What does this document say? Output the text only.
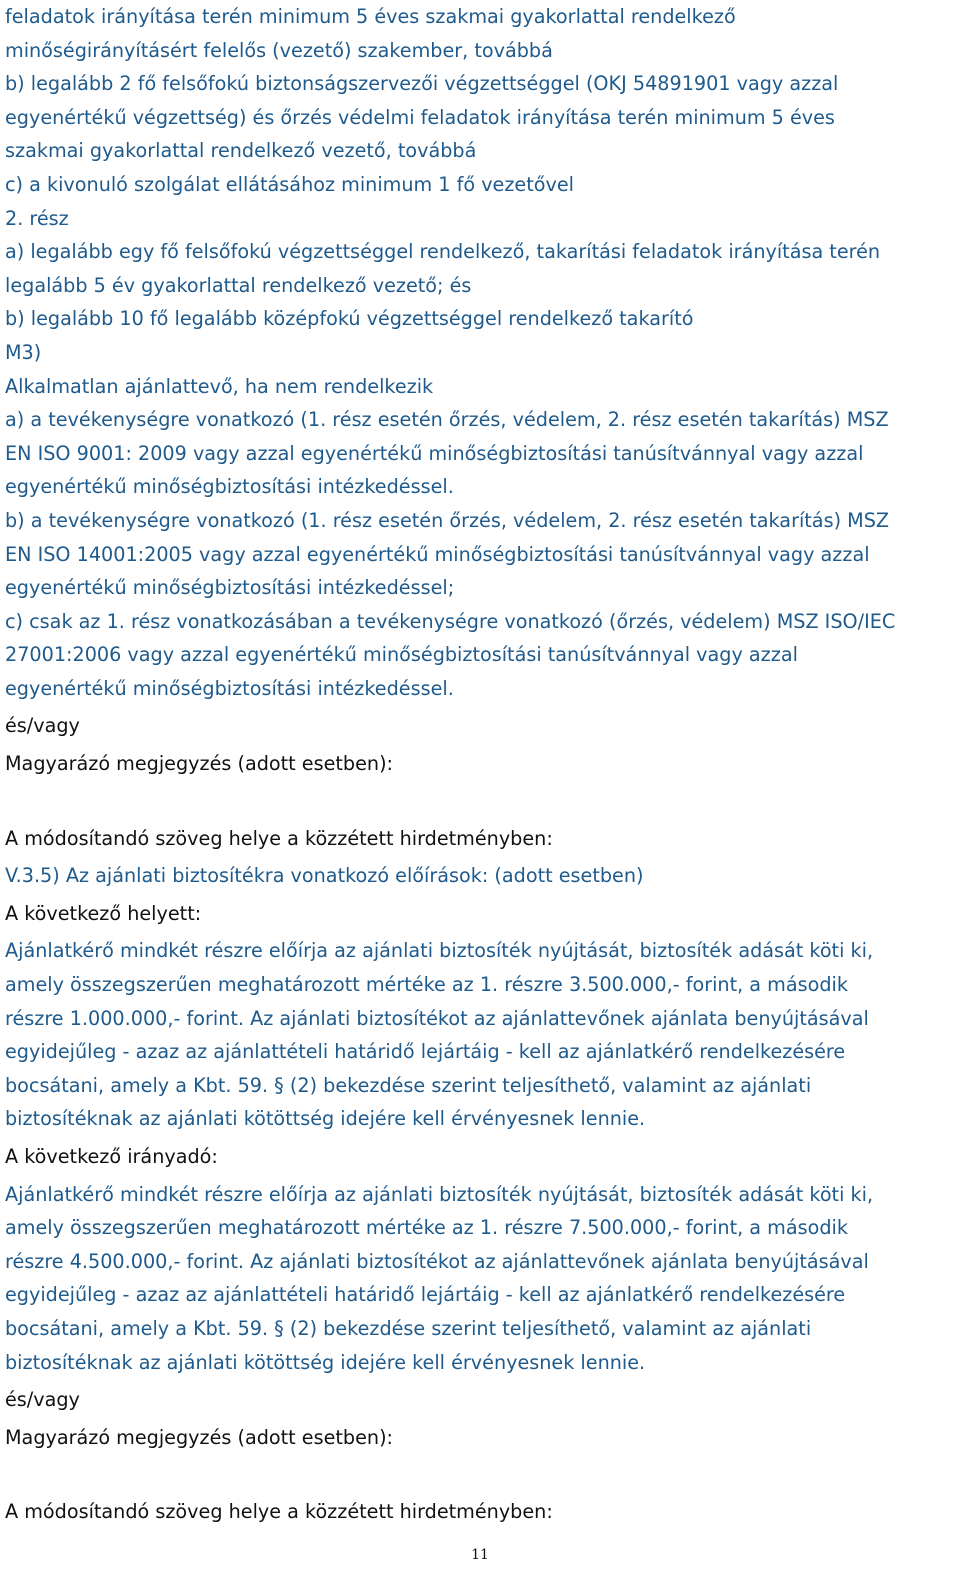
feladatok irányítása terén minimum 5 éves szakmai gyakorlattal rendelkező

minőségirányításért felelős (vezető) szakember, továbbá

b) legalább 2 fő felsőfokú biztonságszervezői végzettséggel (OKJ 54891901 vagy azzal

egyenértékű végzettség) és őrzés védelmi feladatok irányítása terén minimum 5 éves

szakmai gyakorlattal rendelkező vezető, továbbá

c) a kivonuló szolgálat ellátásához minimum 1 fő vezetővel

2. rész

a) legalább egy fő felsőfokú végzettséggel rendelkező, takarítási feladatok irányítása terén

legalább 5 év gyakorlattal rendelkező vezető; és

b) legalább 10 fő legalább középfokú végzettséggel rendelkező takarító

M3)

Alkalmatlan ajánlattevő, ha nem rendelkezik

a) a tevékenységre vonatkozó (1. rész esetén őrzés, védelem, 2. rész esetén takarítás) MSZ

EN ISO 9001: 2009 vagy azzal egyenértékű minőségbiztosítási tanúsítvánnyal vagy azzal

egyenértékű minőségbiztosítási intézkedéssel.

b) a tevékenységre vonatkozó (1. rész esetén őrzés, védelem, 2. rész esetén takarítás) MSZ

EN ISO 14001:2005 vagy azzal egyenértékű minőségbiztosítási tanúsítvánnyal vagy azzal

egyenértékű minőségbiztosítási intézkedéssel;

c) csak az 1. rész vonatkozásában a tevékenységre vonatkozó (őrzés, védelem) MSZ ISO/IEC

27001:2006 vagy azzal egyenértékű minőségbiztosítási tanúsítvánnyal vagy azzal

egyenértékű minőségbiztosítási intézkedéssel.

és/vagy

Magyarázó megjegyzés (adott esetben):

A módosítandó szöveg helye a közzétett hirdetményben:

V.3.5) Az ajánlati biztosítékra vonatkozó előírások: (adott esetben)

A következő helyett:

Ajánlatkérő mindkét részre előírja az ajánlati biztosíték nyújtását, biztosíték adását köti ki,

amely összegszerűen meghatározott mértéke az 1. részre 3.500.000,- forint, a második

részre 1.000.000,- forint. Az ajánlati biztosítékot az ajánlattevőnek ajánlata benyújtásával

egyidejűleg - azaz az ajánlattételi határidő lejártáig - kell az ajánlatkérő rendelkezésére

bocsátani, amely a Kbt. 59. § (2) bekezdése szerint teljesíthető, valamint az ajánlati

biztosítéknak az ajánlati kötöttség idejére kell érvényesnek lennie.

A következő irányadó:

Ajánlatkérő mindkét részre előírja az ajánlati biztosíték nyújtását, biztosíték adását köti ki,

amely összegszerűen meghatározott mértéke az 1. részre 7.500.000,- forint, a második

részre 4.500.000,- forint. Az ajánlati biztosítékot az ajánlattevőnek ajánlata benyújtásával

egyidejűleg - azaz az ajánlattételi határidő lejártáig - kell az ajánlatkérő rendelkezésére

bocsátani, amely a Kbt. 59. § (2) bekezdése szerint teljesíthető, valamint az ajánlati

biztosítéknak az ajánlati kötöttség idejére kell érvényesnek lennie.

és/vagy

Magyarázó megjegyzés (adott esetben):

A módosítandó szöveg helye a közzétett hirdetményben:

11
